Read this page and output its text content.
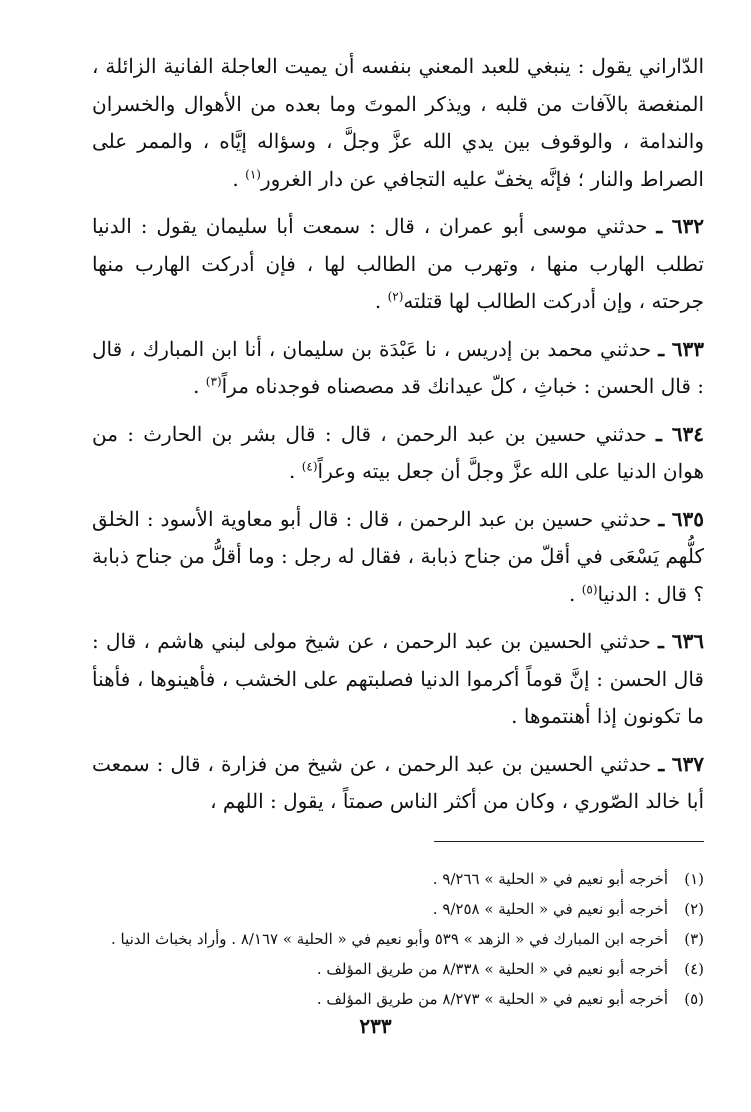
الدّاراني يقول : ينبغي للعبد المعني بنفسه أن يميت العاجلة الفانية الزائلة ، المنغصة بالآفات من قلبه ، ويذكر الموتَ وما بعده من الأهوال والخسران والندامة ، والوقوف بين يدي الله عزَّ وجلَّ ، وسؤاله إيَّاه ، والممر على الصراط والنار ؛ فإنَّه يخفّ عليه التجافي عن دار الغرور$^{(١)}$ .

٦٣٢ ـ حدثني موسى أبو عمران ، قال : سمعت أبا سليمان يقول : الدنيا تطلب الهارب منها ، وتهرب من الطالب لها ، فإن أدركت الهارب منها جرحته ، وإن أدركت الطالب لها قتلته$^{(٢)}$ .

٦٣٣ ـ حدثني محمد بن إدريس ، نا عَبْدَة بن سليمان ، أنا ابن المبارك ، قال : قال الحسن : خباثِ ، كلّ عيدانك قد مصصناه فوجدناه مراً$^{(٣)}$ .

٦٣٤ ـ حدثني حسين بن عبد الرحمن ، قال : قال بشر بن الحارث : من هوان الدنيا على الله عزَّ وجلَّ أن جعل بيته وعراً$^{(٤)}$ .

٦٣٥ ـ حدثني حسين بن عبد الرحمن ، قال : قال أبو معاوية الأسود : الخلق كلُّهم يَسْعَى في أقلّ من جناح ذبابة ، فقال له رجل : وما أقلُّ من جناح ذبابة ؟ قال : الدنيا$^{(٥)}$ .

٦٣٦ ـ حدثني الحسين بن عبد الرحمن ، عن شيخ مولى لبني هاشم ، قال : قال الحسن : إنَّ قوماً أكرموا الدنيا فصلبتهم على الخشب ، فأهينوها ، فأهنأ ما تكونون إذا أهنتموها .

٦٣٧ ـ حدثني الحسين بن عبد الرحمن ، عن شيخ من فزارة ، قال : سمعت أبا خالد الصّوري ، وكان من أكثر الناس صمتاً ، يقول : اللهم ،

(١)
أخرجه أبو نعيم في « الحلية » ٩/٢٦٦ .
(٢)
أخرجه أبو نعيم في « الحلية » ٩/٢٥٨ .
(٣)
أخرجه ابن المبارك في « الزهد » ٥٣٩ وأبو نعيم في « الحلية » ٨/١٦٧ . وأراد بخباث الدنيا .
(٤)
أخرجه أبو نعيم في « الحلية » ٨/٣٣٨ من طريق المؤلف .
(٥)
أخرجه أبو نعيم في « الحلية » ٨/٢٧٣ من طريق المؤلف .
٢٣٣
